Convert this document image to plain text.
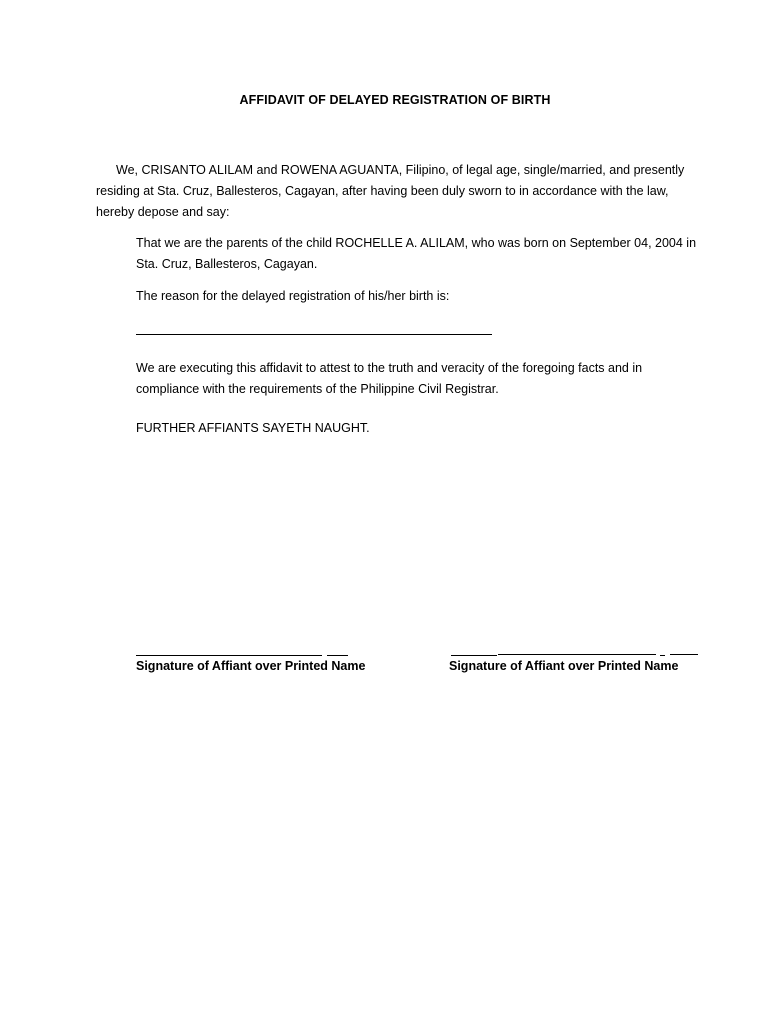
AFFIDAVIT OF DELAYED REGISTRATION OF BIRTH
We, CRISANTO ALILAM and ROWENA AGUANTA, Filipino, of legal age, single/married, and presently
residing at Sta. Cruz, Ballesteros, Cagayan, after having been duly sworn to in accordance with the law,
hereby depose and say:
That we are the parents of the child ROCHELLE A. ALILAM, who was born on September 04, 2004 in
Sta. Cruz, Ballesteros, Cagayan.
The reason for the delayed registration of his/her birth is:
We are executing this affidavit to attest to the truth and veracity of the foregoing facts and in
compliance with the requirements of the Philippine Civil Registrar.
FURTHER AFFIANTS SAYETH NAUGHT.
Signature of Affiant over Printed Name	Signature of Affiant over Printed Name
